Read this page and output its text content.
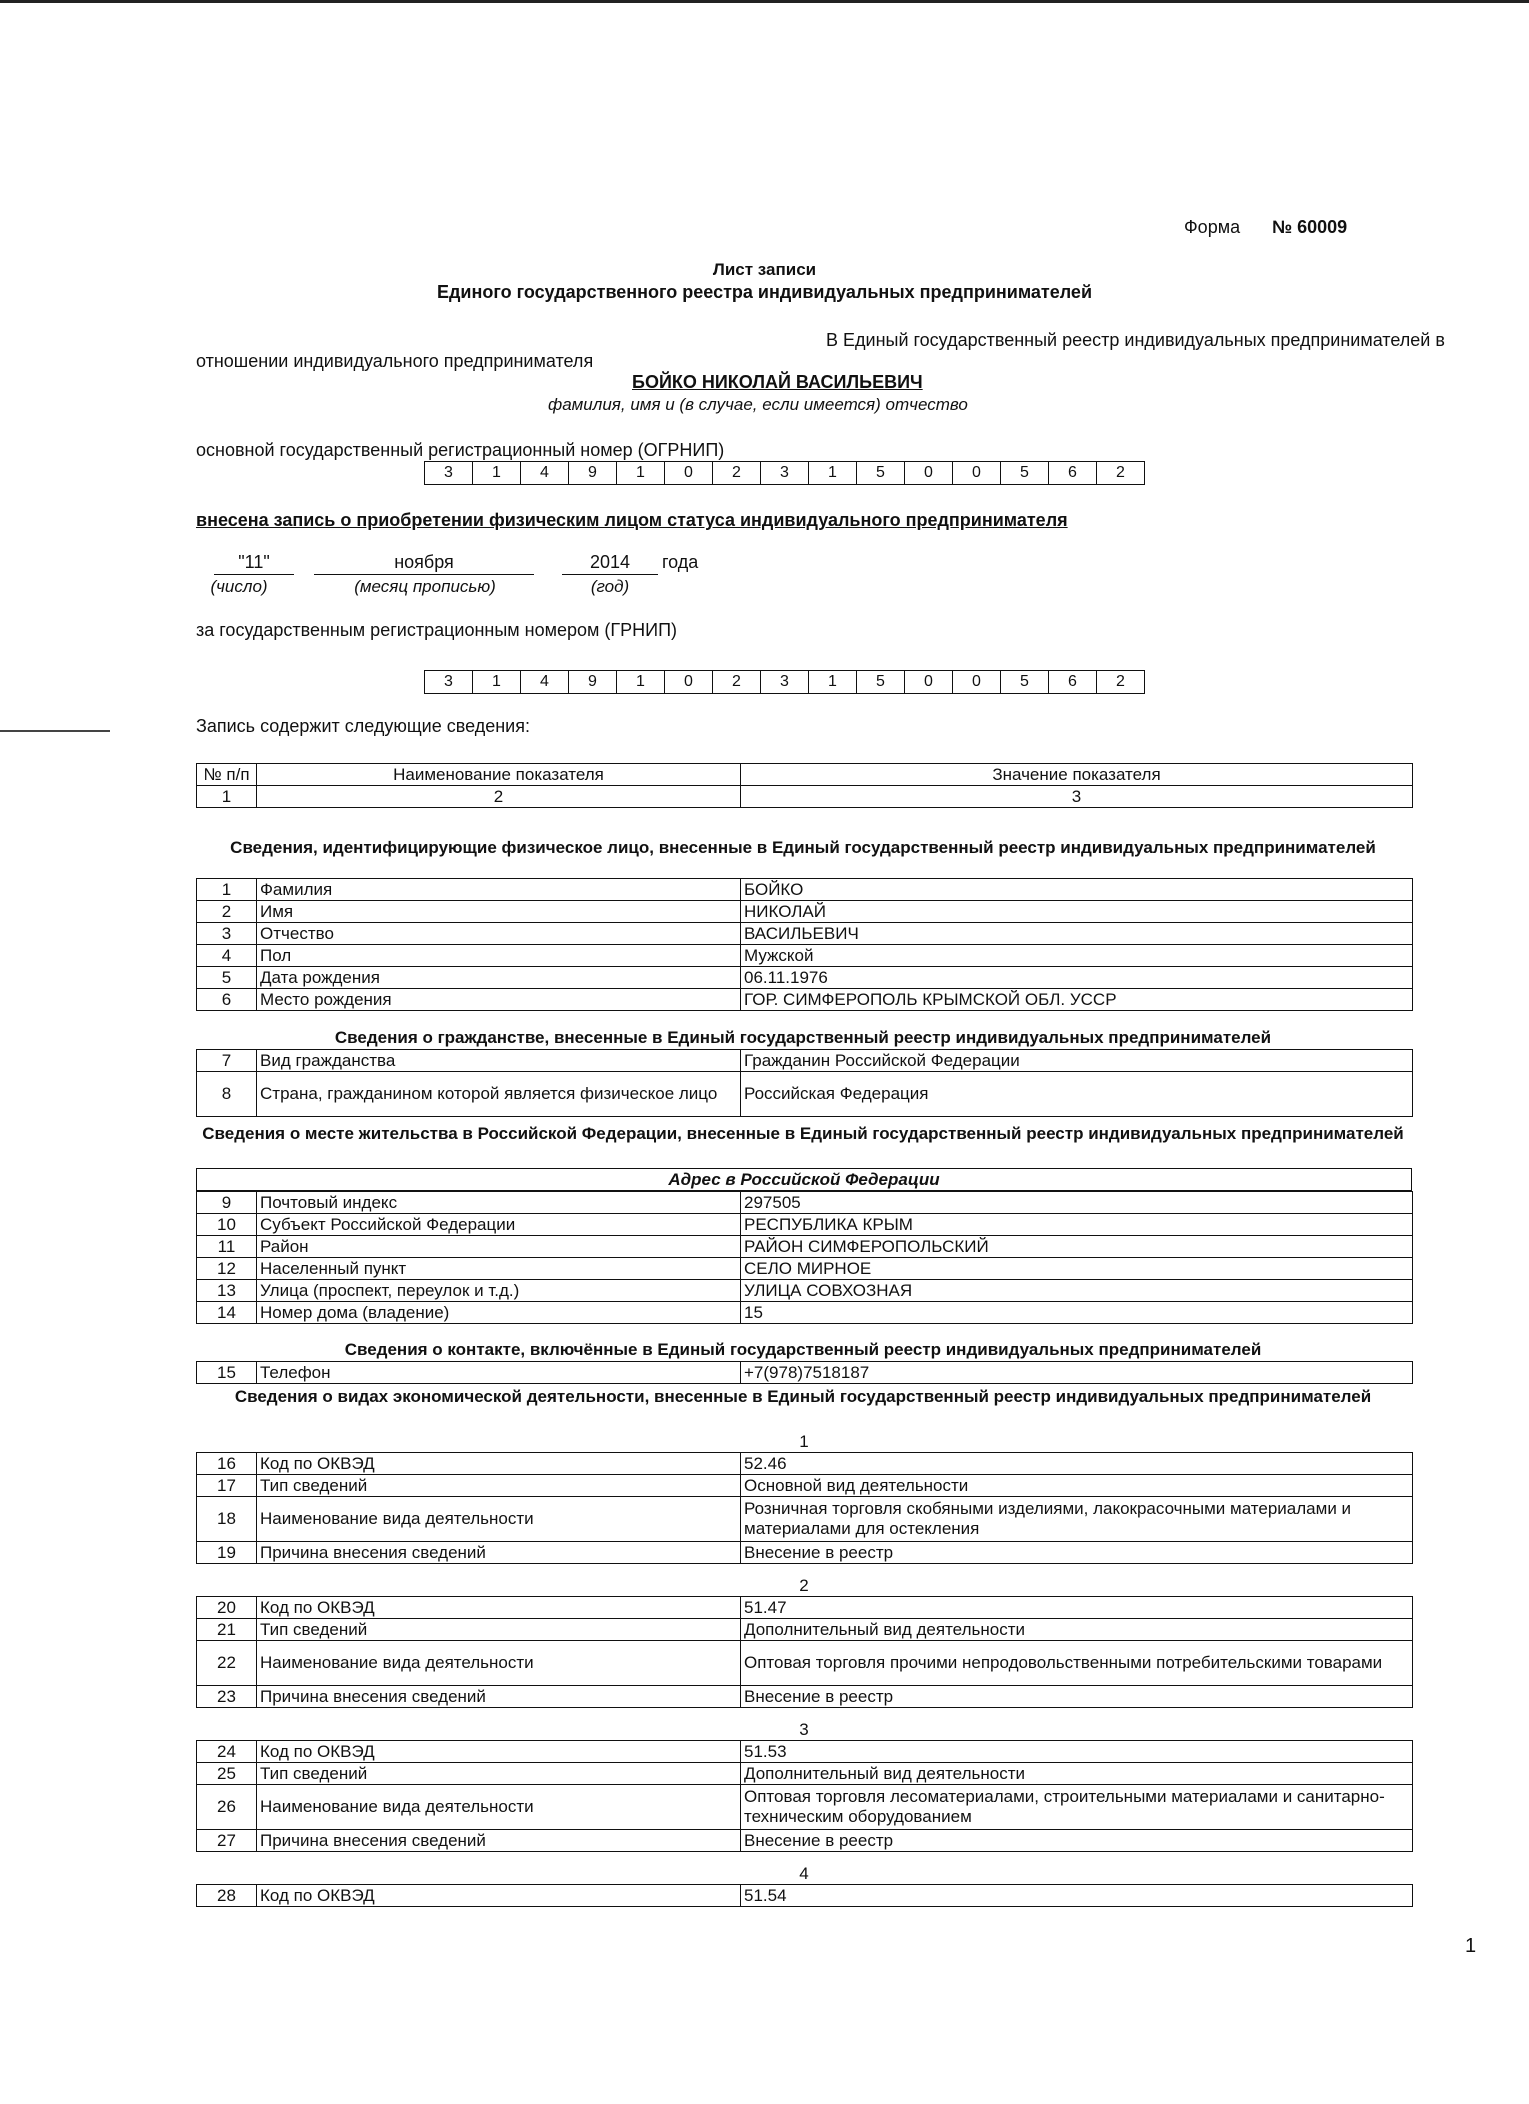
Форма № 60009
Лист записи
Единого государственного реестра индивидуальных предпринимателей
В Единый государственный реестр индивидуальных предпринимателей в
отношении индивидуального предпринимателя
БОЙКО НИКОЛАЙ ВАСИЛЬЕВИЧ
фамилия, имя и (в случае, если имеется) отчество
основной государственный регистрационный номер (ОГРНИП)
3	1	4	9	1	0	2	3	1	5	0	0	5	6	2
внесена запись о приобретении физическим лицом статуса индивидуального предпринимателя
"11"	ноября	2014	года
(число)	(месяц прописью)	(год)
за государственным регистрационным номером (ГРНИП)
3	1	4	9	1	0	2	3	1	5	0	0	5	6	2
Запись содержит следующие сведения:
№ п/п	Наименование показателя	Значение показателя
1	2	3
Сведения, идентифицирующие физическое лицо, внесенные в Единый государственный реестр индивидуальных предпринимателей
1	Фамилия	БОЙКО
2	Имя	НИКОЛАЙ
3	Отчество	ВАСИЛЬЕВИЧ
4	Пол	Мужской
5	Дата рождения	06.11.1976
6	Место рождения	ГОР. СИМФЕРОПОЛЬ КРЫМСКОЙ ОБЛ. УССР
Сведения о гражданстве, внесенные в Единый государственный реестр индивидуальных предпринимателей
7	Вид гражданства	Гражданин Российской Федерации
8	Страна, гражданином которой является физическое лицо	Российская Федерация
Сведения о месте жительства в Российской Федерации, внесенные в Единый государственный реестр индивидуальных предпринимателей
Адрес в Российской Федерации
9	Почтовый индекс	297505
10	Субъект Российской Федерации	РЕСПУБЛИКА КРЫМ
11	Район	РАЙОН СИМФЕРОПОЛЬСКИЙ
12	Населенный пункт	СЕЛО МИРНОЕ
13	Улица (проспект, переулок и т.д.)	УЛИЦА СОВХОЗНАЯ
14	Номер дома (владение)	15
Сведения о контакте, включённые в Единый государственный реестр индивидуальных предпринимателей
15	Телефон	+7(978)7518187
Сведения о видах экономической деятельности, внесенные в Единый государственный реестр индивидуальных предпринимателей
1
16	Код по ОКВЭД	52.46
17	Тип сведений	Основной вид деятельности
18	Наименование вида деятельности	Розничная торговля скобяными изделиями, лакокрасочными материалами и материалами для остекления
19	Причина внесения сведений	Внесение в реестр
2
20	Код по ОКВЭД	51.47
21	Тип сведений	Дополнительный вид деятельности
22	Наименование вида деятельности	Оптовая торговля прочими непродовольственными потребительскими товарами
23	Причина внесения сведений	Внесение в реестр
3
24	Код по ОКВЭД	51.53
25	Тип сведений	Дополнительный вид деятельности
26	Наименование вида деятельности	Оптовая торговля лесоматериалами, строительными материалами и санитарно-техническим оборудованием
27	Причина внесения сведений	Внесение в реестр
4
28	Код по ОКВЭД	51.54
1
